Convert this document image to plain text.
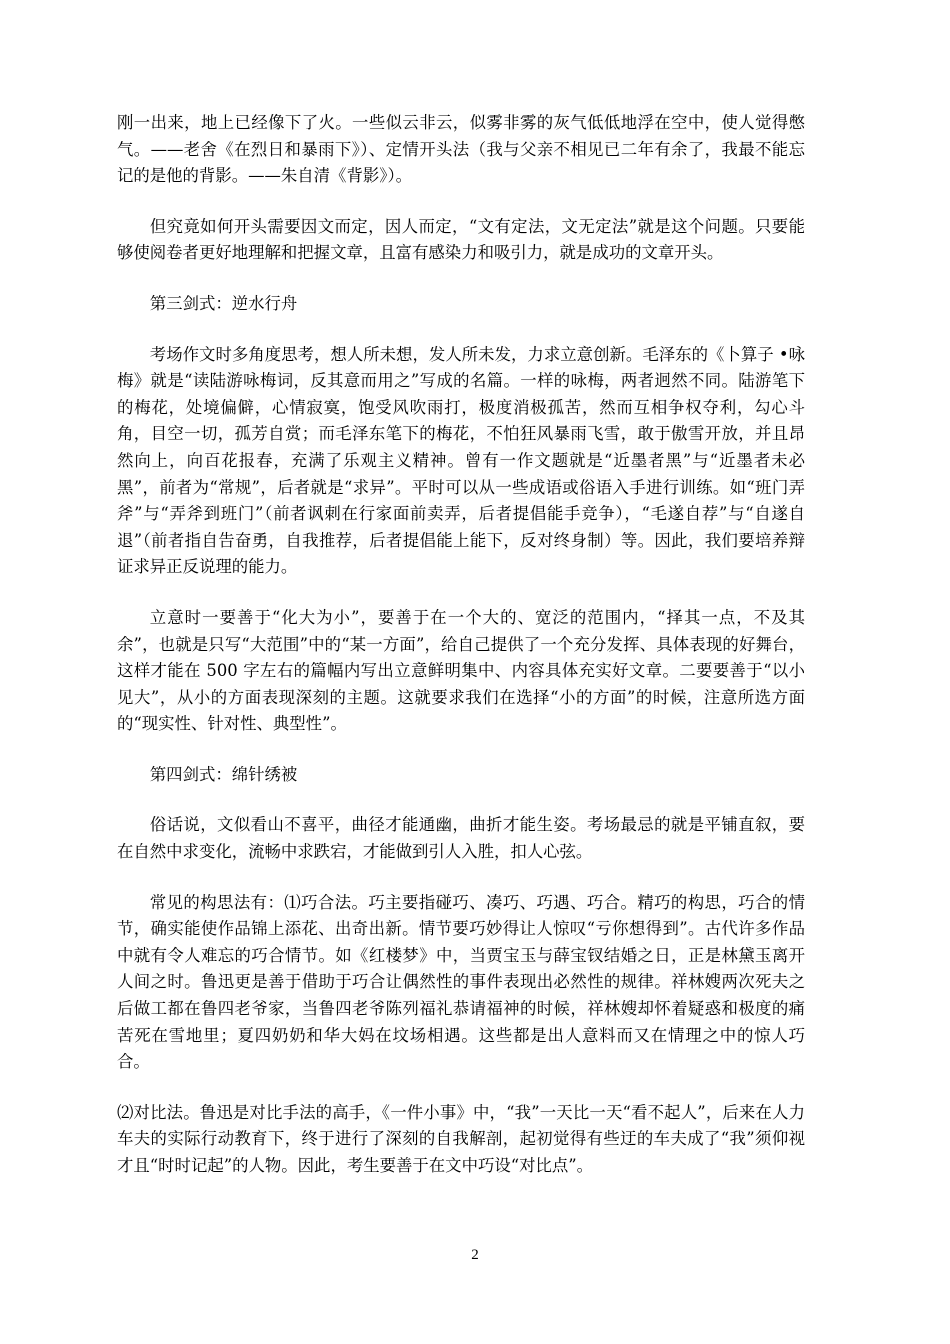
刚一出来，地上已经像下了火。一些似云非云，似雾非雾的灰气低低地浮在空中，使人觉得憋气。——老舍《在烈日和暴雨下》）、定情开头法（我与父亲不相见已二年有余了，我最不能忘记的是他的背影。——朱自清《背影》）。

但究竟如何开头需要因文而定，因人而定，“文有定法，文无定法”就是这个问题。只要能够使阅卷者更好地理解和把握文章，且富有感染力和吸引力，就是成功的文章开头。

第三剑式：逆水行舟

考场作文时多角度思考，想人所未想，发人所未发，力求立意创新。毛泽东的《卜算子 •咏梅》就是“读陆游咏梅词，反其意而用之”写成的名篇。一样的咏梅，两者迥然不同。陆游笔下的梅花，处境偏僻，心情寂寞，饱受风吹雨打，极度消极孤苦，然而互相争权夺利，勾心斗角，目空一切，孤芳自赏；而毛泽东笔下的梅花，不怕狂风暴雨飞雪，敢于傲雪开放，并且昂然向上，向百花报春，充满了乐观主义精神。曾有一作文题就是“近墨者黑”与“近墨者未必黑”，前者为“常规”，后者就是“求异”。平时可以从一些成语或俗语入手进行训练。如“班门弄斧”与“弄斧到班门”（前者讽刺在行家面前卖弄，后者提倡能手竞争），“毛遂自荐”与“自遂自退”（前者指自告奋勇，自我推荐，后者提倡能上能下，反对终身制）等。因此，我们要培养辩证求异正反说理的能力。

立意时一要善于“化大为小”，要善于在一个大的、宽泛的范围内，“择其一点，不及其余”，也就是只写“大范围”中的“某一方面”，给自己提供了一个充分发挥、具体表现的好舞台，这样才能在 500 字左右的篇幅内写出立意鲜明集中、内容具体充实好文章。二要要善于“以小见大”，从小的方面表现深刻的主题。这就要求我们在选择“小的方面”的时候，注意所选方面的“现实性、针对性、典型性”。

第四剑式：绵针绣被

俗话说，文似看山不喜平，曲径才能通幽，曲折才能生姿。考场最忌的就是平铺直叙，要在自然中求变化，流畅中求跌宕，才能做到引人入胜，扣人心弦。

常见的构思法有：⑴巧合法。巧主要指碰巧、凑巧、巧遇、巧合。精巧的构思，巧合的情节，确实能使作品锦上添花、出奇出新。情节要巧妙得让人惊叹“亏你想得到”。古代许多作品中就有令人难忘的巧合情节。如《红楼梦》中，当贾宝玉与薛宝钗结婚之日，正是林黛玉离开人间之时。鲁迅更是善于借助于巧合让偶然性的事件表现出必然性的规律。祥林嫂两次死夫之后做工都在鲁四老爷家，当鲁四老爷陈列福礼恭请福神的时候，祥林嫂却怀着疑惑和极度的痛苦死在雪地里；夏四奶奶和华大妈在坟场相遇。这些都是出人意料而又在情理之中的惊人巧合。

⑵对比法。鲁迅是对比手法的高手，《一件小事》中，“我”一天比一天“看不起人”，后来在人力车夫的实际行动教育下，终于进行了深刻的自我解剖，起初觉得有些迂的车夫成了“我”须仰视才且“时时记起”的人物。因此，考生要善于在文中巧设“对比点”。

2
